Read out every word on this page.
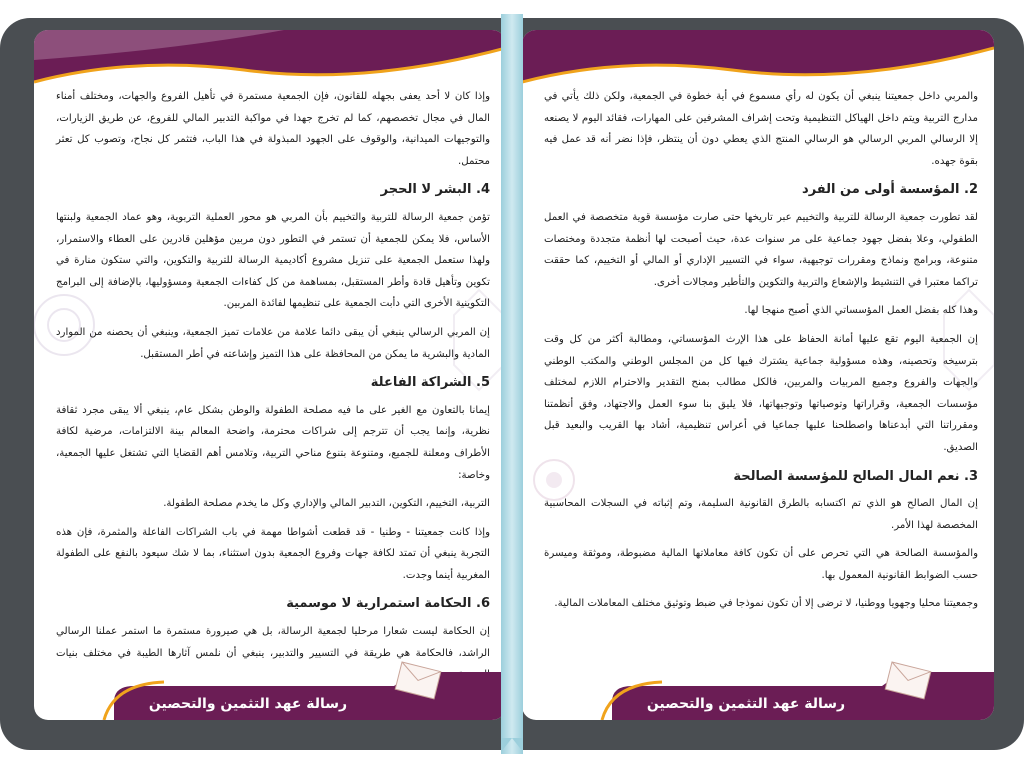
وإذا كان لا أحد يعفى بجهله للقانون، فإن الجمعية مستمرة في تأهيل الفروع والجهات، ومختلف أمناء المال في مجال تخصصهم، كما لم تخرج جهدا في مواكبة التدبير المالي للفروع، عن طريق الزيارات، والتوجيهات الميدانية، والوقوف على الجهود المبذولة في هذا الباب، فتثمر كل نجاح، وتصوب كل تعثر محتمل.

4. البشر لا الحجر

تؤمن جمعية الرسالة للتربية والتخييم بأن المربي هو محور العملية التربوية، وهو عماد الجمعية ولبنتها الأساس، فلا يمكن للجمعية أن تستمر في التطور دون مربين مؤهلين قادرين على العطاء والاستمرار، ولهذا ستعمل الجمعية على تنزيل مشروع أكاديمية الرسالة للتربية والتكوين، والتي ستكون منارة في تكوين وتأهيل قادة وأطر المستقبل، بمساهمة من كل كفاءات الجمعية ومسؤوليها، بالإضافة إلى البرامج التكوينية الأخرى التي دأبت الجمعية على تنظيمها لفائدة المربين.

إن المربي الرسالي ينبغي أن يبقى دائما علامة من علامات تميز الجمعية، وينبغي أن يحصنه من الموارد المادية والبشرية ما يمكن من المحافظة على هذا التميز وإشاعته في أطر المستقبل.

5. الشراكة الفاعلة

إيمانا بالتعاون مع الغير على ما فيه مصلحة الطفولة والوطن بشكل عام، ينبغي ألا يبقى مجرد ثقافة نظرية، وإنما يجب أن تترجم إلى شراكات محترمة، واضحة المعالم بينة الالتزامات، مرضية لكافة الأطراف ومعلنة للجميع، ومتنوعة بتنوع مناحي التربية، وتلامس أهم القضايا التي تشتغل عليها الجمعية، وخاصة:

التربية، التخييم، التكوين، التدبير المالي والإداري وكل ما يخدم مصلحة الطفولة.

وإذا كانت جمعيتنا - وطنيا - قد قطعت أشواطا مهمة في باب الشراكات الفاعلة والمثمرة، فإن هذه التجربة ينبغي أن تمتد لكافة جهات وفروع الجمعية بدون استثناء، بما لا شك سيعود بالنفع على الطفولة المغربية أينما وجدت.

6. الحكامة استمرارية لا موسمية

إن الحكامة ليست شعارا مرحليا لجمعية الرسالة، بل هي صيرورة مستمرة ما استمر عملنا الرسالي الراشد، فالحكامة هي طريقة في التسيير والتدبير، ينبغي أن نلمس آثارها الطيبة في مختلف بنيات

رسالة عهد التثمين والتحصين

والمربي داخل جمعيتنا ينبغي أن يكون له رأي مسموع في أية خطوة في الجمعية، ولكن ذلك يأتي في مدارج التربية ويتم داخل الهياكل التنظيمية وتحت إشراف المشرفين على المهارات، فقائد اليوم لا يصنعه إلا الرسالي المربي الرسالي هو الرسالي المنتج الذي يعطي دون أن ينتظر، فإذا نضر أنه قد عمل فيه بقوة جهده.

2. المؤسسة أولى من الفرد

لقد تطورت جمعية الرسالة للتربية والتخييم عبر تاريخها حتى صارت مؤسسة قوية متخصصة في العمل الطفولي، وعلا بفضل جهود جماعية على مر سنوات عدة، حيث أصبحت لها أنظمة متجددة ومختصات متنوعة، وبرامج ونماذج ومقررات توجيهية، سواء في التسيير الإداري أو المالي أو التخييم، كما حققت تراكما معتبرا في التنشيط والإشعاع والتربية والتكوين والتأطير ومجالات أخرى.

وهذا كله بفضل العمل المؤسساتي الذي أصبح منهجا لها.

إن الجمعية اليوم تقع عليها أمانة الحفاظ على هذا الإرث المؤسساتي، ومطالبة أكثر من كل وقت بترسيخه وتحصينه، وهذه مسؤولية جماعية يشترك فيها كل من المجلس الوطني والمكتب الوطني والجهات والفروع وجميع المربيات والمربين، فالكل مطالب بمنح التقدير والاحترام اللازم لمختلف مؤسسات الجمعية، وقراراتها وتوصياتها وتوجيهاتها، فلا يليق بنا سوء العمل والاجتهاد، وفق أنظمتنا ومقرراتنا التي أبدعناها واصطلحنا عليها جماعيا في أعراس تنظيمية، أشاد بها القريب والبعيد قبل الصديق.

3. نعم المال الصالح للمؤسسة الصالحة

إن المال الصالح هو الذي تم اكتسابه بالطرق القانونية السليمة، وتم إثباته في السجلات المحاسبية المخصصة لهذا الأمر.

والمؤسسة الصالحة هي التي تحرص على أن تكون كافة معاملاتها المالية مضبوطة، وموثقة وميسرة حسب الضوابط القانونية المعمول بها.

وجمعيتنا محليا وجهويا ووطنيا، لا ترضى إلا أن تكون نموذجا في ضبط وتوثيق مختلف المعاملات المالية.

رسالة عهد التثمين والتحصين
